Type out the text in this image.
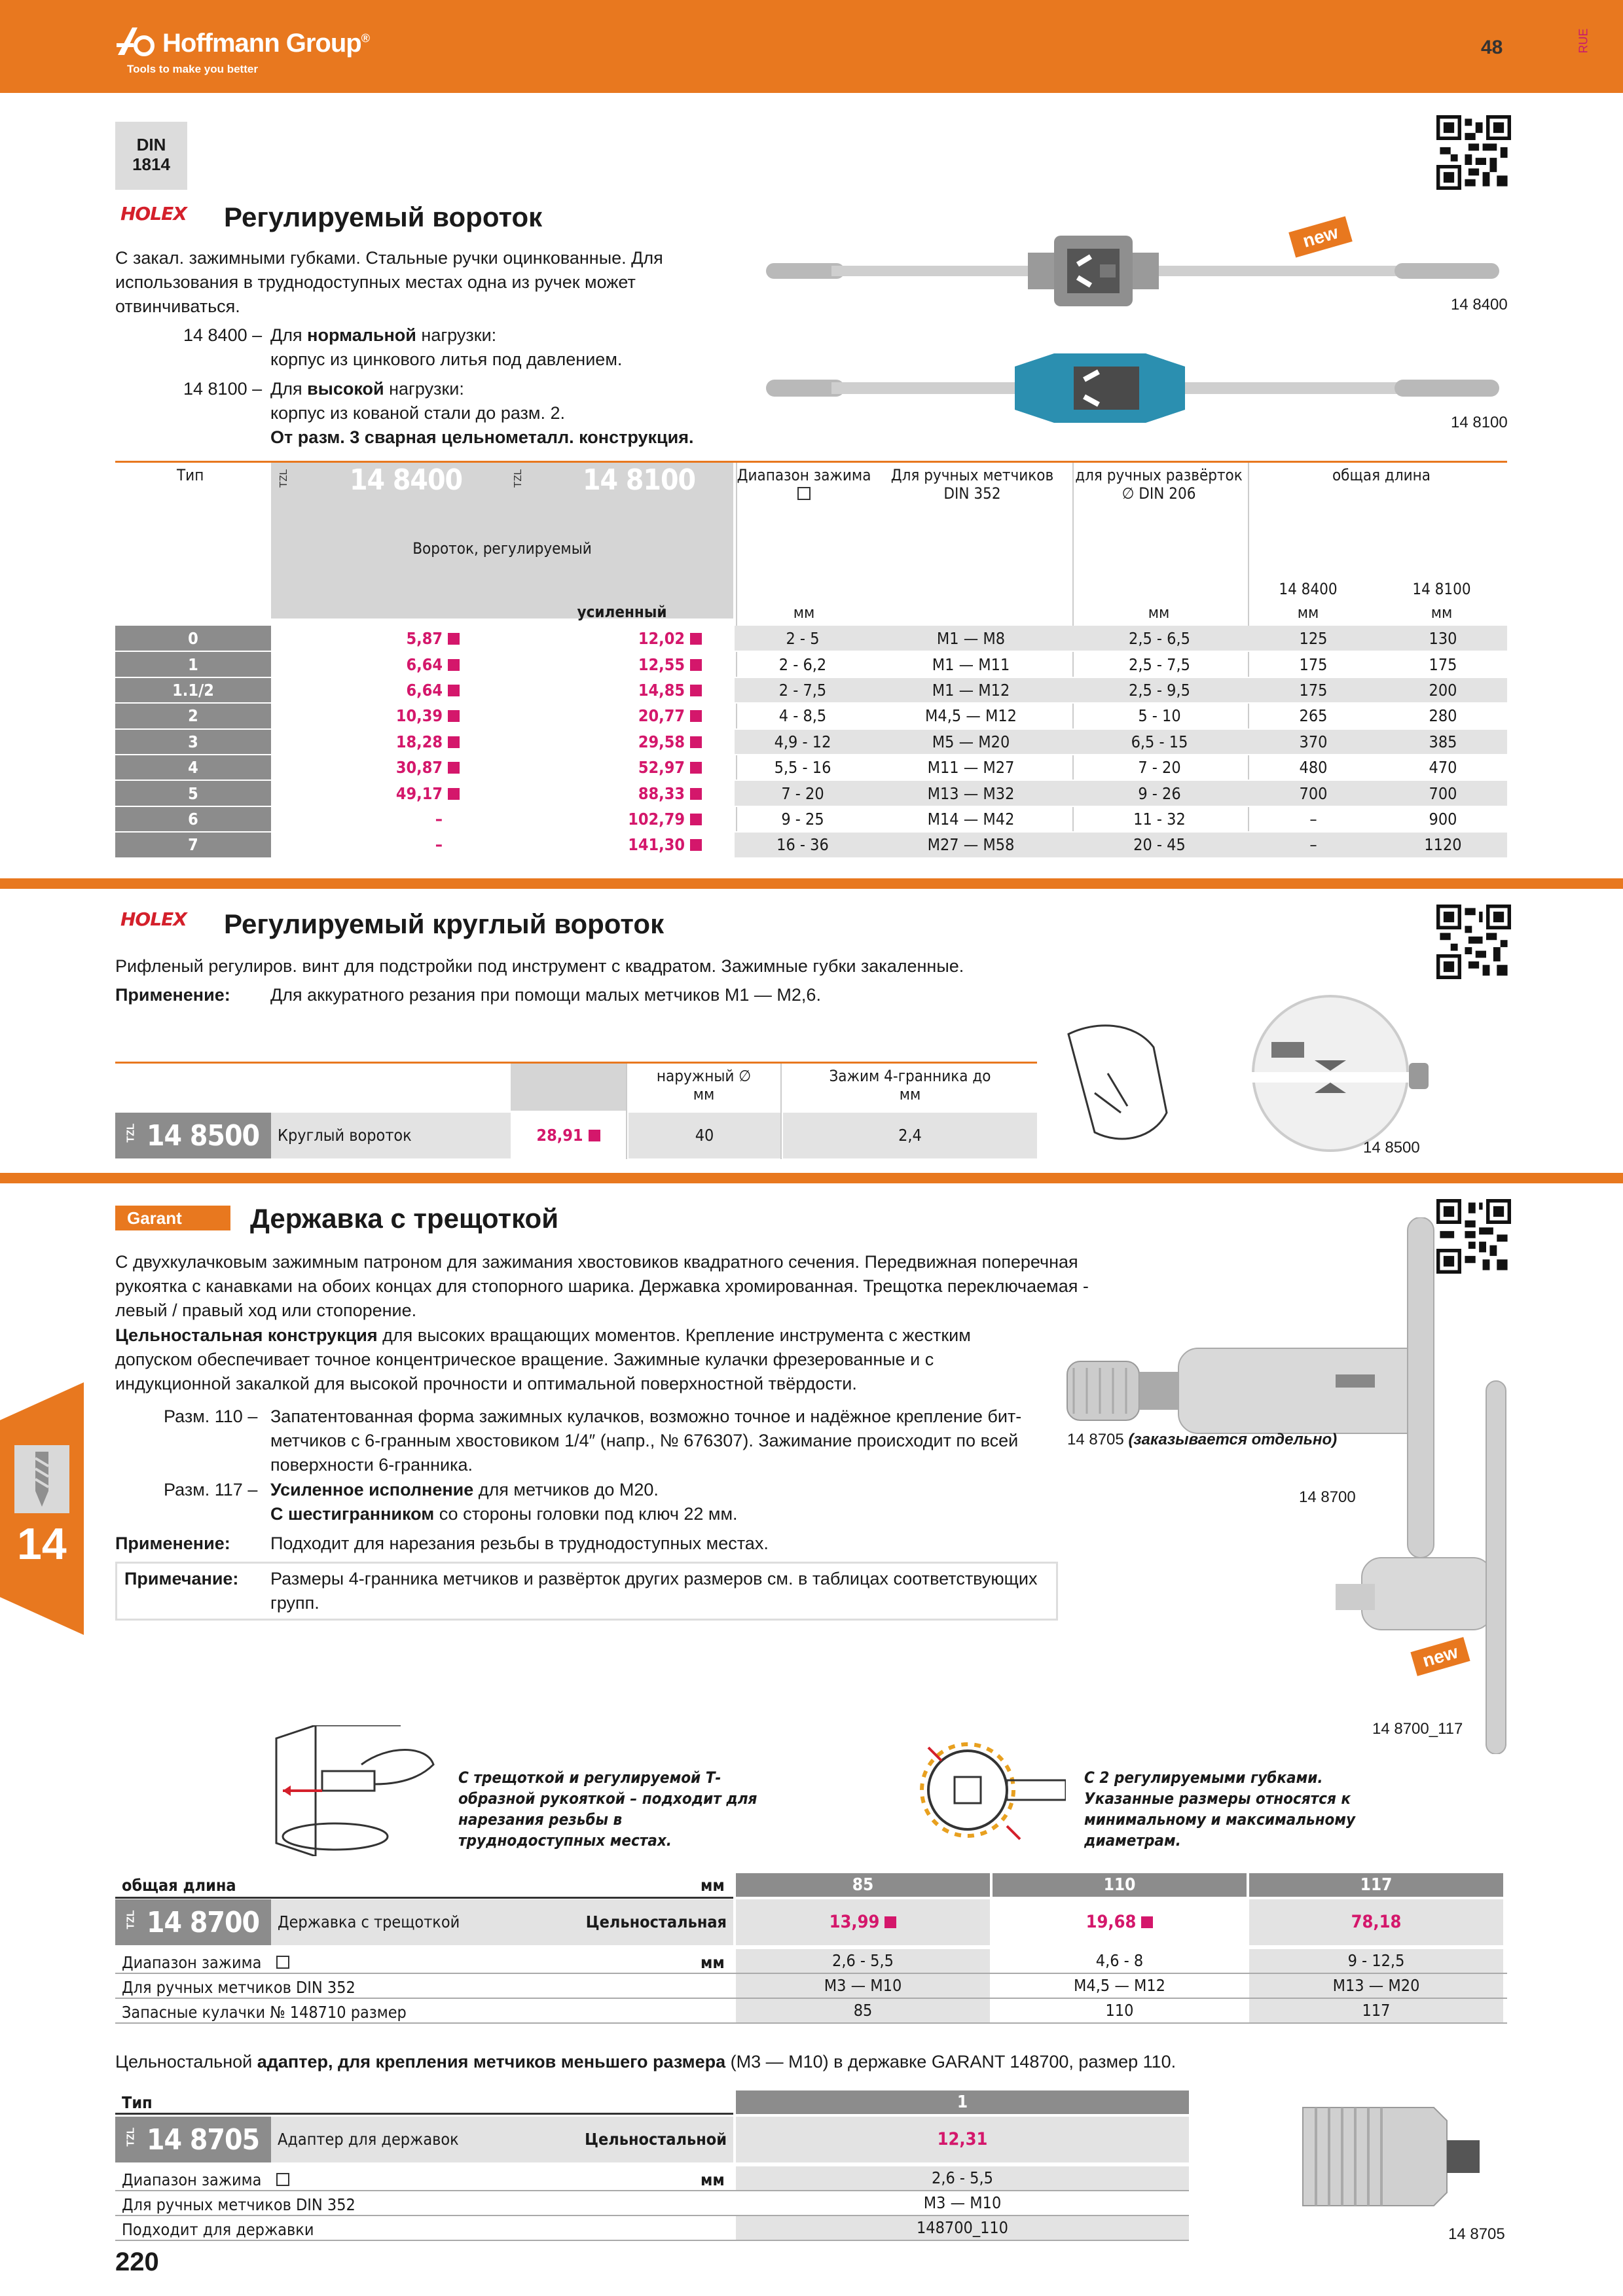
Hoffmann Group®
Tools to make you better
48	RUE
DIN
1814
HOLEX Регулируемый вороток
С закал. зажимными губками. Стальные ручки оцинкованные. Для использования в труднодоступных местах одна из ручек может отвинчиваться.
14 8400 – Для нормальной нагрузки:
корпус из цинкового литья под давлением.
14 8100 – Для высокой нагрузки:
корпус из кованой стали до разм. 2.
От разм. 3 сварная цельнометалл. конструкция.
new
14 8400
14 8100
Тип	TZL 14 8400	TZL 14 8100	Диапазон зажима	Для ручных метчиков DIN 352
для ручных развёрток ∅ DIN 206
общая длина
Вороток, регулируемый
усиленный
14 8400	14 8100
мм	мм	мм	мм
0	5,87	12,02	2 - 5	M1 — M8	2,5 - 6,5	125	130
1	6,64	12,55	2 - 6,2	M1 — M11	2,5 - 7,5	175	175
1.1/2	6,64	14,85	2 - 7,5	M1 — M12	2,5 - 9,5	175	200
2	10,39	20,77	4 - 8,5	M4,5 — M12	5 - 10	265	280
3	18,28	29,58	4,9 - 12	M5 — M20	6,5 - 15	370	385
4	30,87	52,97	5,5 - 16	M11 — M27	7 - 20	480	470
5	49,17	88,33	7 - 20	M13 — M32	9 - 26	700	700
6	–	102,79	9 - 25	M14 — M42	11 - 32	–	900
7	–	141,30	16 - 36	M27 — M58	20 - 45	–	1120
HOLEX Регулируемый круглый вороток
Рифленый регулиров. винт для подстройки под инструмент с квадратом. Зажимные губки закаленные.
Применение: Для аккуратного резания при помощи малых метчиков M1 — M2,6.
наружный ∅
мм
Зажим 4-гранника до
мм
TZL 14 8500 Круглый вороток	28,91	40	2,4
14 8500
Garant	Державка с трещоткой
С двухкулачковым зажимным патроном для зажимания хвостовиков квадратного сечения. Передвижная поперечная рукоятка с канавками на обоих концах для стопорного шарика. Державка хромированная. Трещотка переключаемая - левый / правый ход или стопорение.
Цельностальная конструкция для высоких вращающих моментов. Крепление инструмента с жестким допуском обеспечивает точное концентрическое вращение. Зажимные кулачки фрезерованные и с индукционной закалкой для высокой прочности и оптимальной поверхностной твёрдости.
Разм. 110 – Запатентованная форма зажимных кулачков, возможно точное и надёжное крепление бит-метчиков с 6-гранным хвостовиком 1/4″ (напр., № 676307). Зажимание происходит по всей поверхности 6-гранника.
Разм. 117 – Усиленное исполнение для метчиков до M20.
С шестигранником со стороны головки под ключ 22 мм.
Применение: Подходит для нарезания резьбы в труднодоступных местах.
Примечание: Размеры 4-гранника метчиков и развёрток других размеров см. в таблицах соответствующих групп.
14 8705 (заказывается отдельно)
14 8700
new
14 8700_117
С трещоткой и регулируемой Т-образной рукояткой – подходит для нарезания резьбы в труднодоступных местах.
С 2 регулируемыми губками. Указанные размеры относятся к минимальному и максимальному диаметрам.
общая длина	мм	85	110	117
TZL 14 8700 Державка с трещоткой	Цельностальная	13,99	19,68	78,18
Диапазон зажима	мм	2,6 - 5,5	4,6 - 8	9 - 12,5
Для ручных метчиков DIN 352	M3 — M10	M4,5 — M12	M13 — M20
Запасные кулачки № 148710 размер	85	110	117
Цельностальной адаптер, для крепления метчиков меньшего размера (M3 — M10) в державке GARANT 148700, размер 110.
Тип	1
TZL 14 8705 Адаптер для державок	Цельностальной	12,31
Диапазон зажима	мм	2,6 - 5,5
Для ручных метчиков DIN 352	M3 — M10
Подходит для державки	148700_110	14 8705
14
220
